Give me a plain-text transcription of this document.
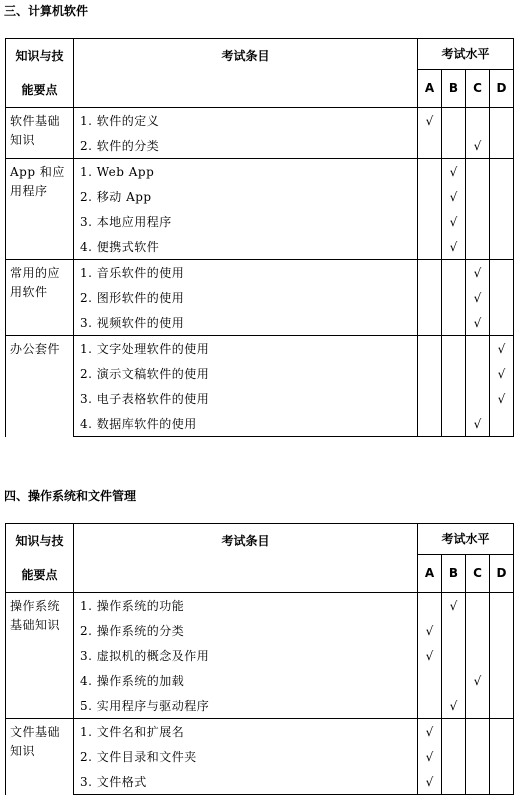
三、计算机软件
知识与技
能要点	考试条目	考试水平			
		A	B	C	D
软件基础知识	1. 软件的定义	√			
	2. 软件的分类			√	
App 和应用程序	1. Web App		√		
	2. 移动 App		√		
	3. 本地应用程序		√		
	4. 便携式软件		√		
常用的应用软件	1. 音乐软件的使用			√	
	2. 图形软件的使用			√	
	3. 视频软件的使用			√	
办公套件	1. 文字处理软件的使用				√
	2. 演示文稿软件的使用				√
	3. 电子表格软件的使用				√
	4. 数据库软件的使用			√	
四、操作系统和文件管理
知识与技
能要点	考试条目	考试水平			
		A	B	C	D
操作系统基础知识	1. 操作系统的功能		√		
	2. 操作系统的分类	√			
	3. 虚拟机的概念及作用	√			
	4. 操作系统的加载			√	
	5. 实用程序与驱动程序		√		
文件基础知识	1. 文件名和扩展名	√			
	2. 文件目录和文件夹	√			
	3. 文件格式	√			
